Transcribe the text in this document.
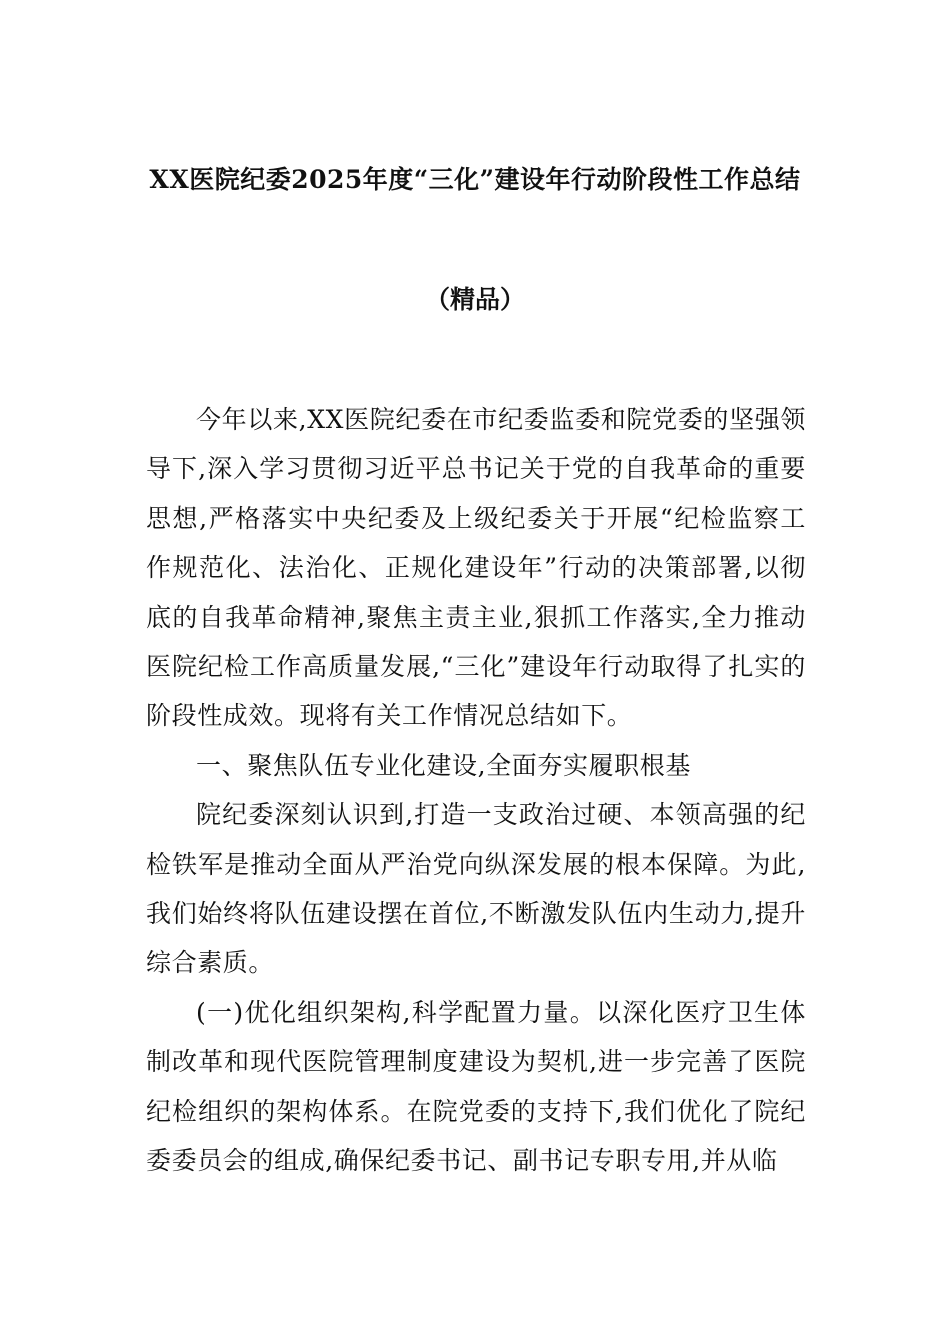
XX医院纪委2025年度“三化”建设年行动阶段性工作总结
（精品）

今年以来,XX医院纪委在市纪委监委和院党委的坚强领导下,深入学习贯彻习近平总书记关于党的自我革命的重要思想,严格落实中央纪委及上级纪委关于开展“纪检监察工作规范化、法治化、正规化建设年”行动的决策部署,以彻底的自我革命精神,聚焦主责主业,狠抓工作落实,全力推动医院纪检工作高质量发展,“三化”建设年行动取得了扎实的阶段性成效。现将有关工作情况总结如下。

一、聚焦队伍专业化建设,全面夯实履职根基

院纪委深刻认识到,打造一支政治过硬、本领高强的纪检铁军是推动全面从严治党向纵深发展的根本保障。为此,我们始终将队伍建设摆在首位,不断激发队伍内生动力,提升综合素质。

(一)优化组织架构,科学配置力量。以深化医疗卫生体制改革和现代医院管理制度建设为契机,进一步完善了医院纪检组织的架构体系。在院党委的支持下,我们优化了院纪委委员会的组成,确保纪委书记、副书记专职专用,并从临
